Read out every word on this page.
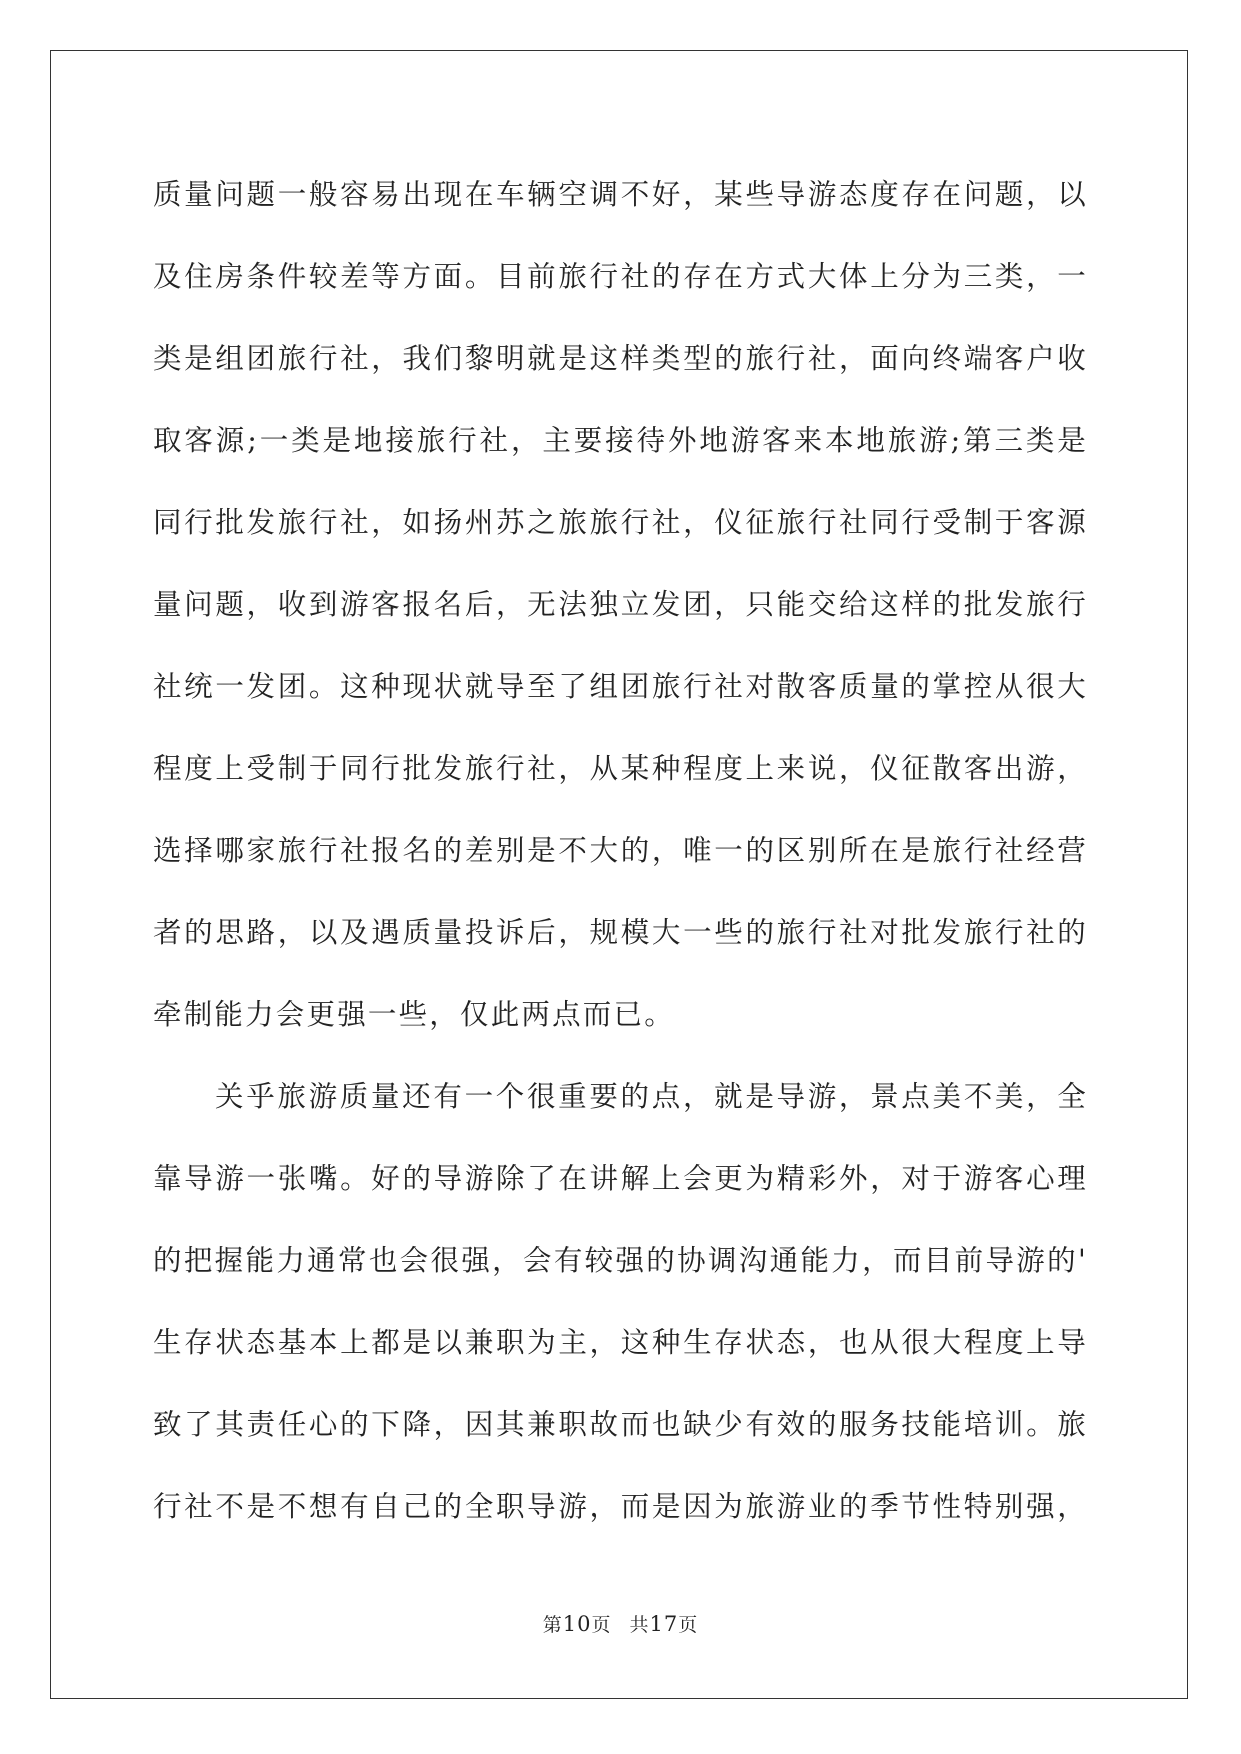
质量问题一般容易出现在车辆空调不好，某些导游态度存在问题，以
及住房条件较差等方面。目前旅行社的存在方式大体上分为三类，一
类是组团旅行社，我们黎明就是这样类型的旅行社，面向终端客户收
取客源;一类是地接旅行社，主要接待外地游客来本地旅游;第三类是
同行批发旅行社，如扬州苏之旅旅行社，仪征旅行社同行受制于客源
量问题，收到游客报名后，无法独立发团，只能交给这样的批发旅行
社统一发团。这种现状就导至了组团旅行社对散客质量的掌控从很大
程度上受制于同行批发旅行社，从某种程度上来说，仪征散客出游，
选择哪家旅行社报名的差别是不大的，唯一的区别所在是旅行社经营
者的思路，以及遇质量投诉后，规模大一些的旅行社对批发旅行社的
牵制能力会更强一些，仅此两点而已。
关乎旅游质量还有一个很重要的点，就是导游，景点美不美，全
靠导游一张嘴。好的导游除了在讲解上会更为精彩外，对于游客心理
的把握能力通常也会很强，会有较强的协调沟通能力，而目前导游的'
生存状态基本上都是以兼职为主，这种生存状态，也从很大程度上导
致了其责任心的下降，因其兼职故而也缺少有效的服务技能培训。旅
行社不是不想有自己的全职导游，而是因为旅游业的季节性特别强，
第10页 共17页
